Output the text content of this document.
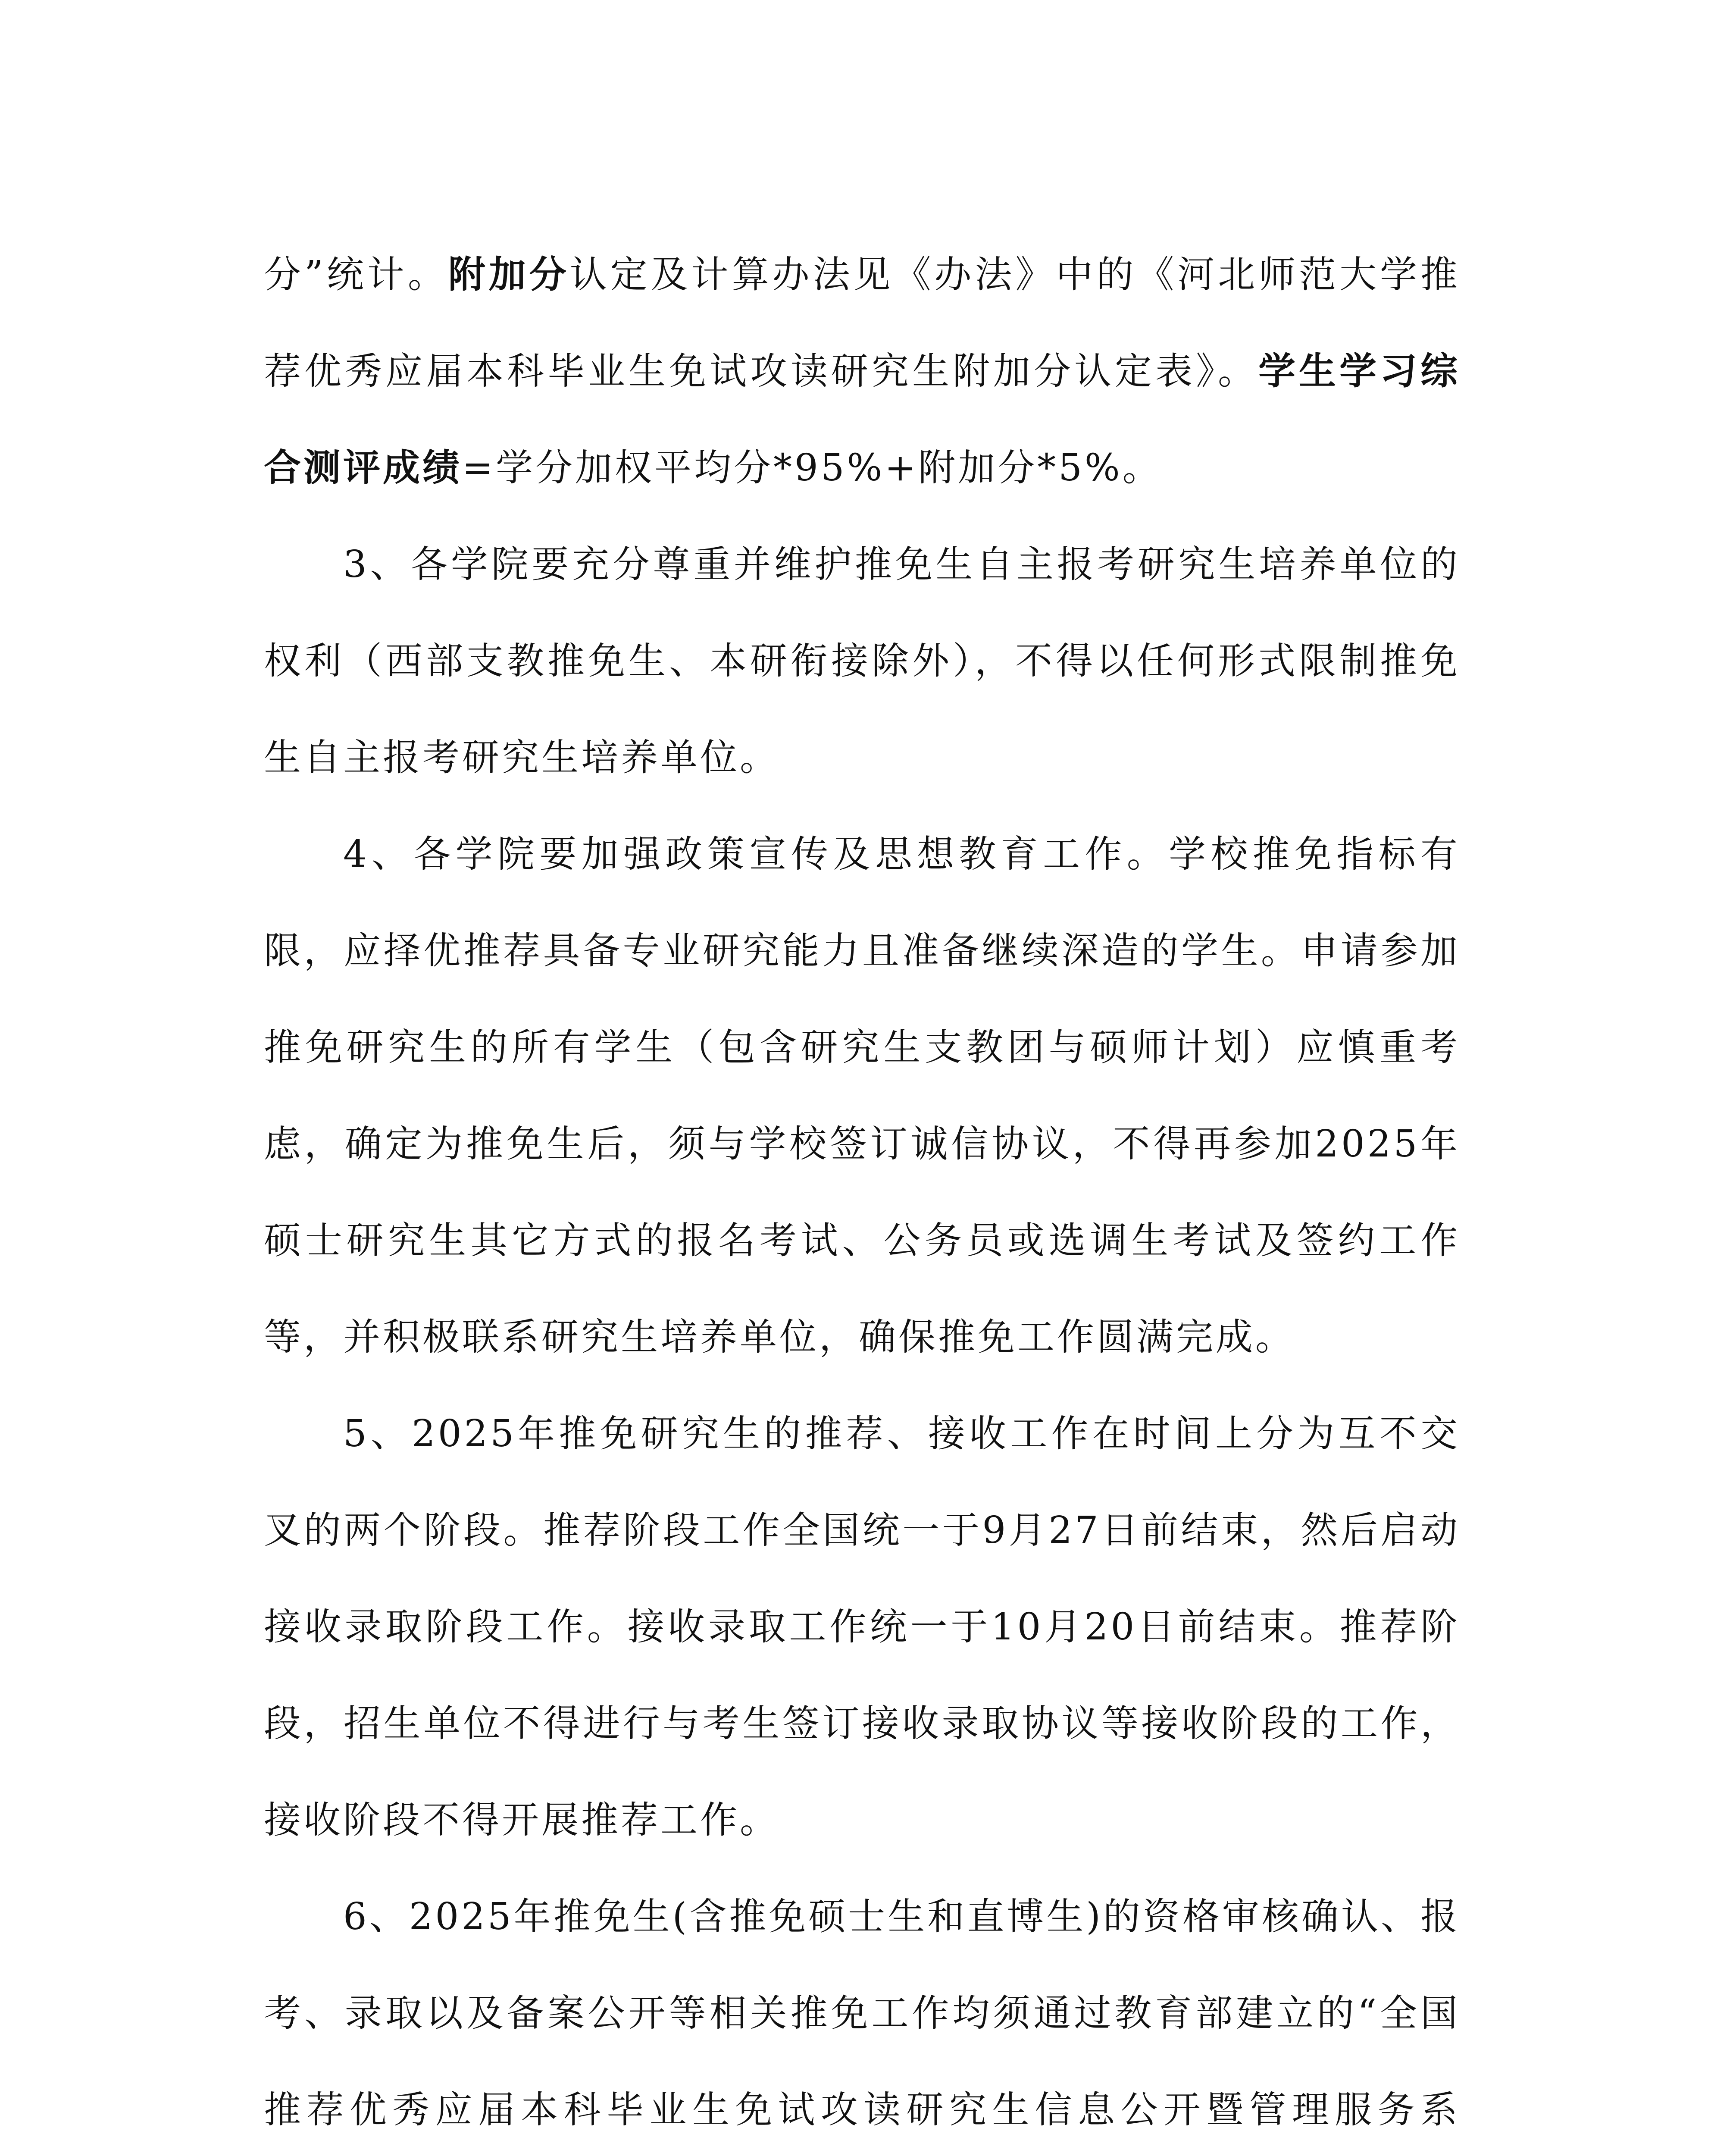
分”统计。附加分认定及计算办法见《办法》中的《河北师范大学推荐优秀应届本科毕业生免试攻读研究生附加分认定表》。学生学习综合测评成绩=学分加权平均分*95%+附加分*5%。

3、各学院要充分尊重并维护推免生自主报考研究生培养单位的权利（西部支教推免生、本研衔接除外），不得以任何形式限制推免生自主报考研究生培养单位。

4、各学院要加强政策宣传及思想教育工作。学校推免指标有限，应择优推荐具备专业研究能力且准备继续深造的学生。申请参加推免研究生的所有学生（包含研究生支教团与硕师计划）应慎重考虑，确定为推免生后，须与学校签订诚信协议，不得再参加2025年硕士研究生其它方式的报名考试、公务员或选调生考试及签约工作等，并积极联系研究生培养单位，确保推免工作圆满完成。

5、2025年推免研究生的推荐、接收工作在时间上分为互不交叉的两个阶段。推荐阶段工作全国统一于9月27日前结束，然后启动接收录取阶段工作。接收录取工作统一于10月20日前结束。推荐阶段，招生单位不得进行与考生签订接收录取协议等接收阶段的工作，接收阶段不得开展推荐工作。

6、2025年推免生(含推免硕士生和直博生)的资格审核确认、报考、录取以及备案公开等相关推免工作均须通过教育部建立的“全国推荐优秀应届本科毕业生免试攻读研究生信息公开暨管理服务系
